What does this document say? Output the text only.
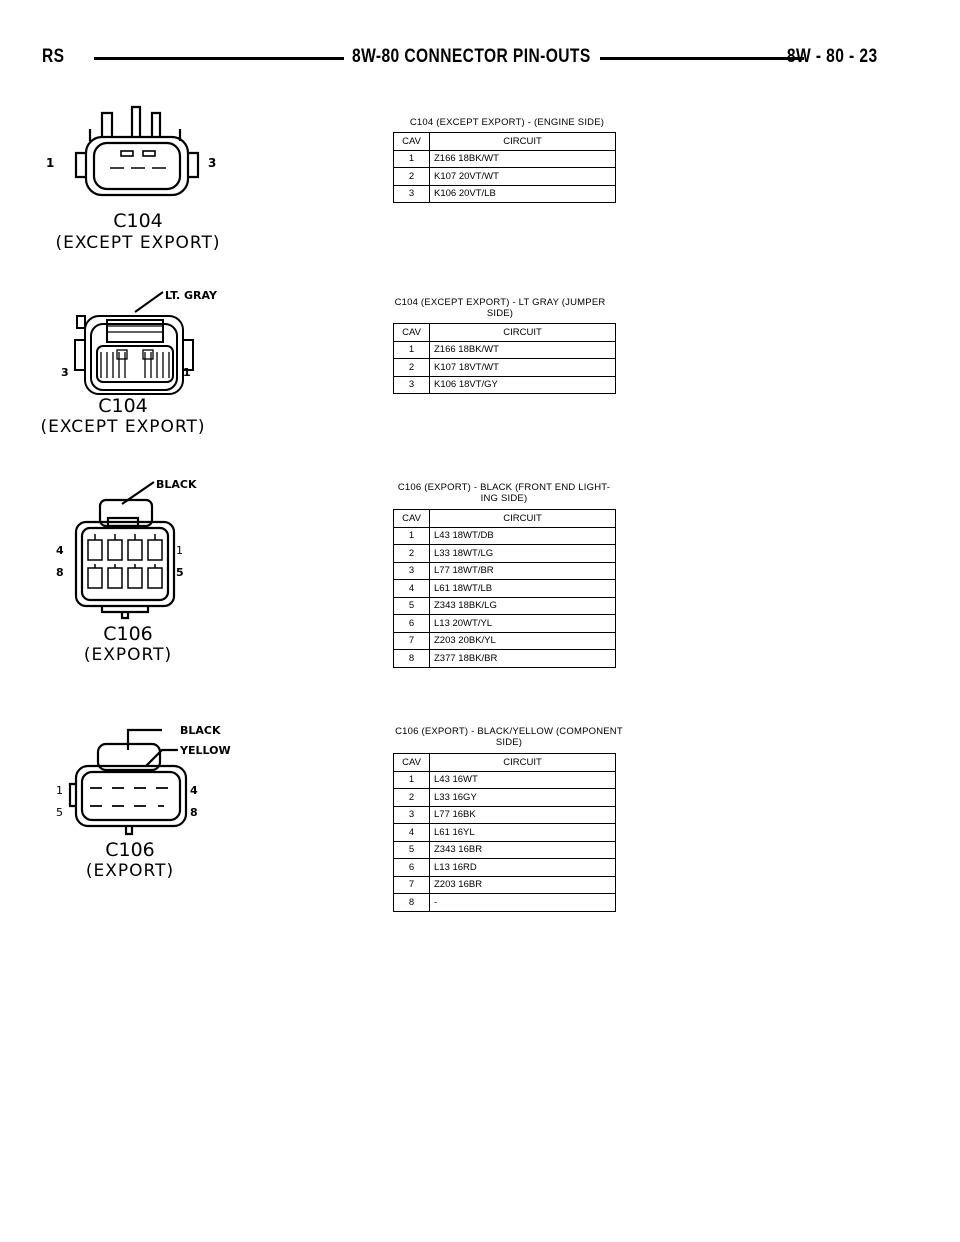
RS	8W-80 CONNECTOR PIN-OUTS	8W - 80 - 23
1	3
C104
(EXCEPT EXPORT)
C104 (EXCEPT EXPORT) - (ENGINE SIDE)
CAV	CIRCUIT
1	Z166 18BK/WT
2	K107 20VT/WT
3	K106 20VT/LB
LT. GRAY
3	1
C104
(EXCEPT EXPORT)
C104 (EXCEPT EXPORT) - LT GRAY (JUMPER
SIDE)
CAV	CIRCUIT
1	Z166 18BK/WT
2	K107 18VT/WT
3	K106 18VT/GY
BLACK
4
8
1
5
C106
(EXPORT)
C106 (EXPORT) - BLACK (FRONT END LIGHT-
ING SIDE)
CAV	CIRCUIT
1	L43 18WT/DB
2	L33 18WT/LG
3	L77 18WT/BR
4	L61 18WT/LB
5	Z343 18BK/LG
6	L13 20WT/YL
7	Z203 20BK/YL
8	Z377 18BK/BR
BLACK
YELLOW
1
5
4
8
C106
(EXPORT)
C106 (EXPORT) - BLACK/YELLOW (COMPONENT
SIDE)
CAV	CIRCUIT
1	L43 16WT
2	L33 16GY
3	L77 16BK
4	L61 16YL
5	Z343 16BR
6	L13 16RD
7	Z203 16BR
8	-
